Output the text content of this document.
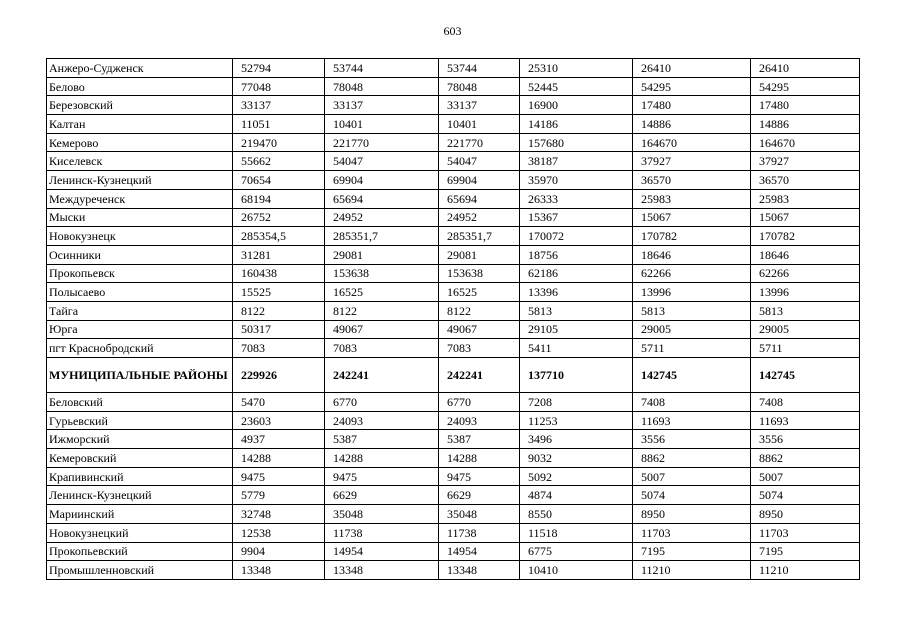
603
Анжеро-Судженск	52794	53744	53744	25310	26410	26410
Белово	77048	78048	78048	52445	54295	54295
Березовский	33137	33137	33137	16900	17480	17480
Калтан	11051	10401	10401	14186	14886	14886
Кемерово	219470	221770	221770	157680	164670	164670
Киселевск	55662	54047	54047	38187	37927	37927
Ленинск-Кузнецкий	70654	69904	69904	35970	36570	36570
Междуреченск	68194	65694	65694	26333	25983	25983
Мыски	26752	24952	24952	15367	15067	15067
Новокузнецк	285354,5	285351,7	285351,7	170072	170782	170782
Осинники	31281	29081	29081	18756	18646	18646
Прокопьевск	160438	153638	153638	62186	62266	62266
Полысаево	15525	16525	16525	13396	13996	13996
Тайга	8122	8122	8122	5813	5813	5813
Юрга	50317	49067	49067	29105	29005	29005
пгт Краснобродский	7083	7083	7083	5411	5711	5711
МУНИЦИПАЛЬНЫЕ РАЙОНЫ	229926	242241	242241	137710	142745	142745
Беловский	5470	6770	6770	7208	7408	7408
Гурьевский	23603	24093	24093	11253	11693	11693
Ижморский	4937	5387	5387	3496	3556	3556
Кемеровский	14288	14288	14288	9032	8862	8862
Крапивинский	9475	9475	9475	5092	5007	5007
Ленинск-Кузнецкий	5779	6629	6629	4874	5074	5074
Мариинский	32748	35048	35048	8550	8950	8950
Новокузнецкий	12538	11738	11738	11518	11703	11703
Прокопьевский	9904	14954	14954	6775	7195	7195
Промышленновский	13348	13348	13348	10410	11210	11210
